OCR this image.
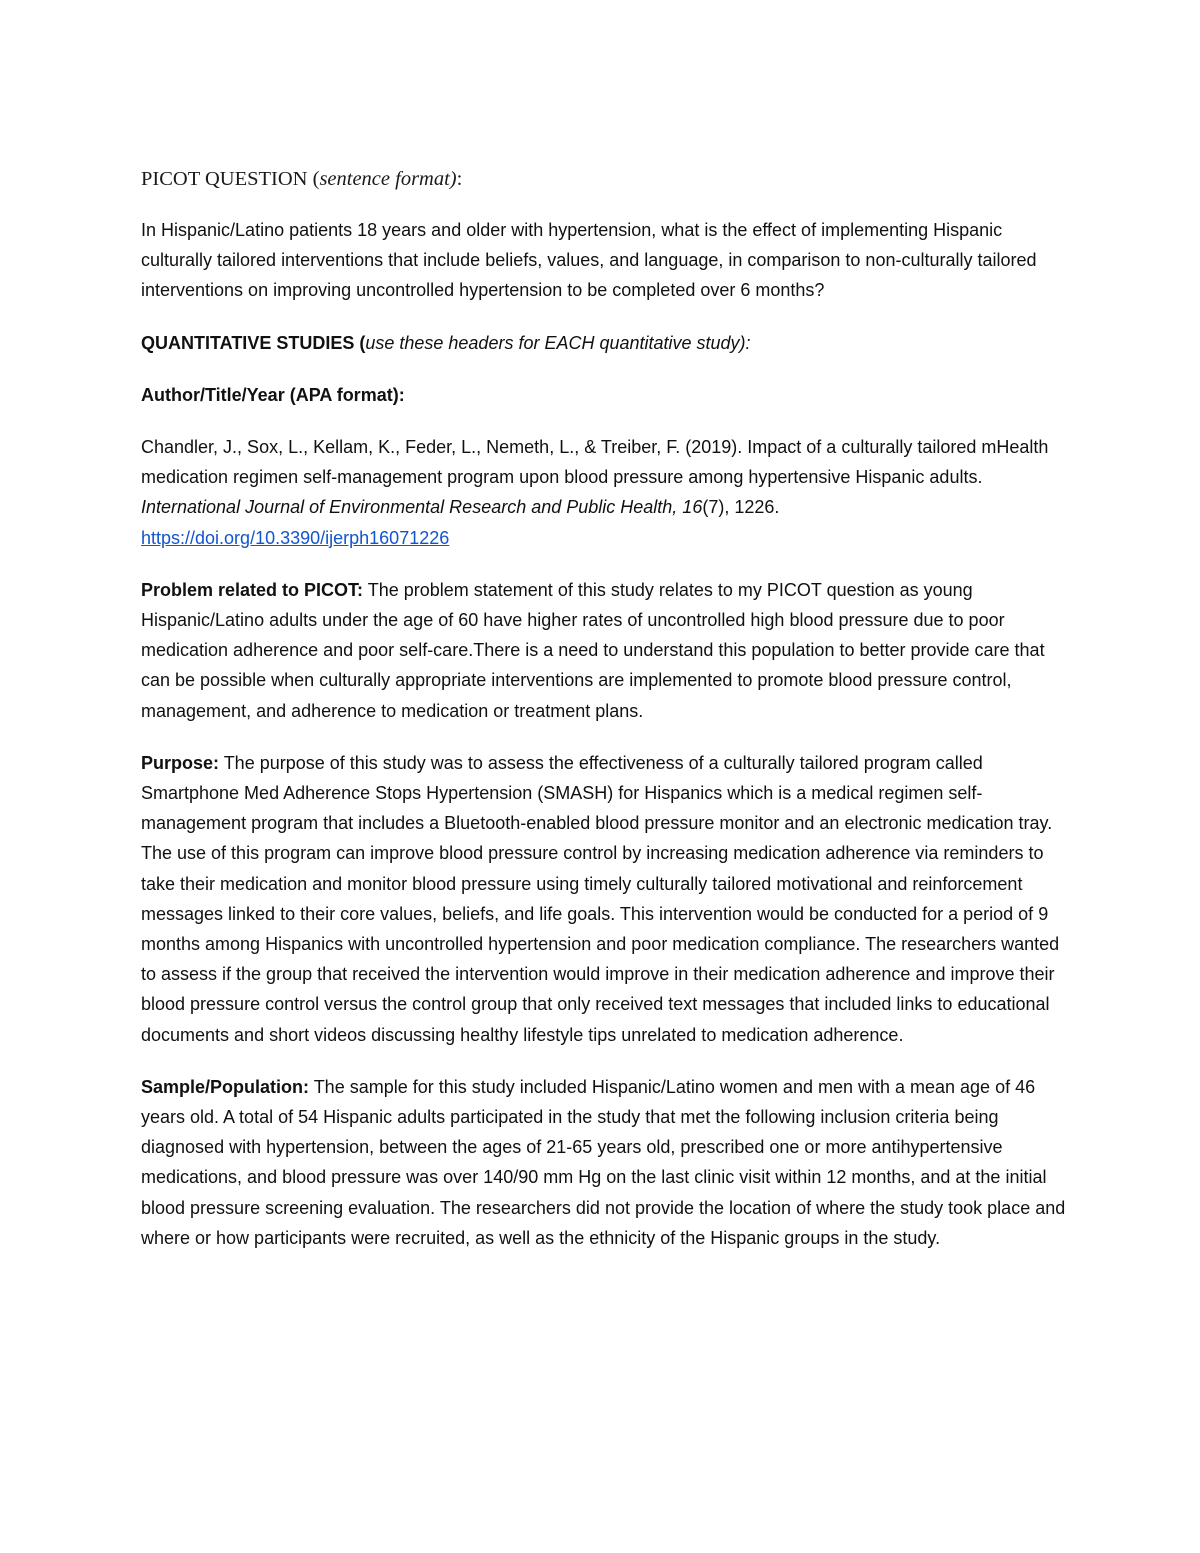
PICOT QUESTION (sentence format):

In Hispanic/Latino patients 18 years and older with hypertension, what is the effect of implementing Hispanic culturally tailored interventions that include beliefs, values, and language, in comparison to non-culturally tailored interventions on improving uncontrolled hypertension to be completed over 6 months?

QUANTITATIVE STUDIES (use these headers for EACH quantitative study):

Author/Title/Year (APA format):

Chandler, J., Sox, L., Kellam, K., Feder, L., Nemeth, L., & Treiber, F. (2019). Impact of a culturally tailored mHealth medication regimen self-management program upon blood pressure among hypertensive Hispanic adults. International Journal of Environmental Research and Public Health, 16(7), 1226.
https://doi.org/10.3390/ijerph16071226

Problem related to PICOT: The problem statement of this study relates to my PICOT question as young Hispanic/Latino adults under the age of 60 have higher rates of uncontrolled high blood pressure due to poor medication adherence and poor self-care.There is a need to understand this population to better provide care that can be possible when culturally appropriate interventions are implemented to promote blood pressure control, management, and adherence to medication or treatment plans.

Purpose: The purpose of this study was to assess the effectiveness of a culturally tailored program called Smartphone Med Adherence Stops Hypertension (SMASH) for Hispanics which is a medical regimen self-management program that includes a Bluetooth-enabled blood pressure monitor and an electronic medication tray. The use of this program can improve blood pressure control by increasing medication adherence via reminders to take their medication and monitor blood pressure using timely culturally tailored motivational and reinforcement messages linked to their core values, beliefs, and life goals. This intervention would be conducted for a period of 9 months among Hispanics with uncontrolled hypertension and poor medication compliance. The researchers wanted to assess if the group that received the intervention would improve in their medication adherence and improve their blood pressure control versus the control group that only received text messages that included links to educational documents and short videos discussing healthy lifestyle tips unrelated to medication adherence.

Sample/Population: The sample for this study included Hispanic/Latino women and men with a mean age of 46 years old. A total of 54 Hispanic adults participated in the study that met the following inclusion criteria being diagnosed with hypertension, between the ages of 21-65 years old, prescribed one or more antihypertensive medications, and blood pressure was over 140/90 mm Hg on the last clinic visit within 12 months, and at the initial blood pressure screening evaluation. The researchers did not provide the location of where the study took place and where or how participants were recruited, as well as the ethnicity of the Hispanic groups in the study.
